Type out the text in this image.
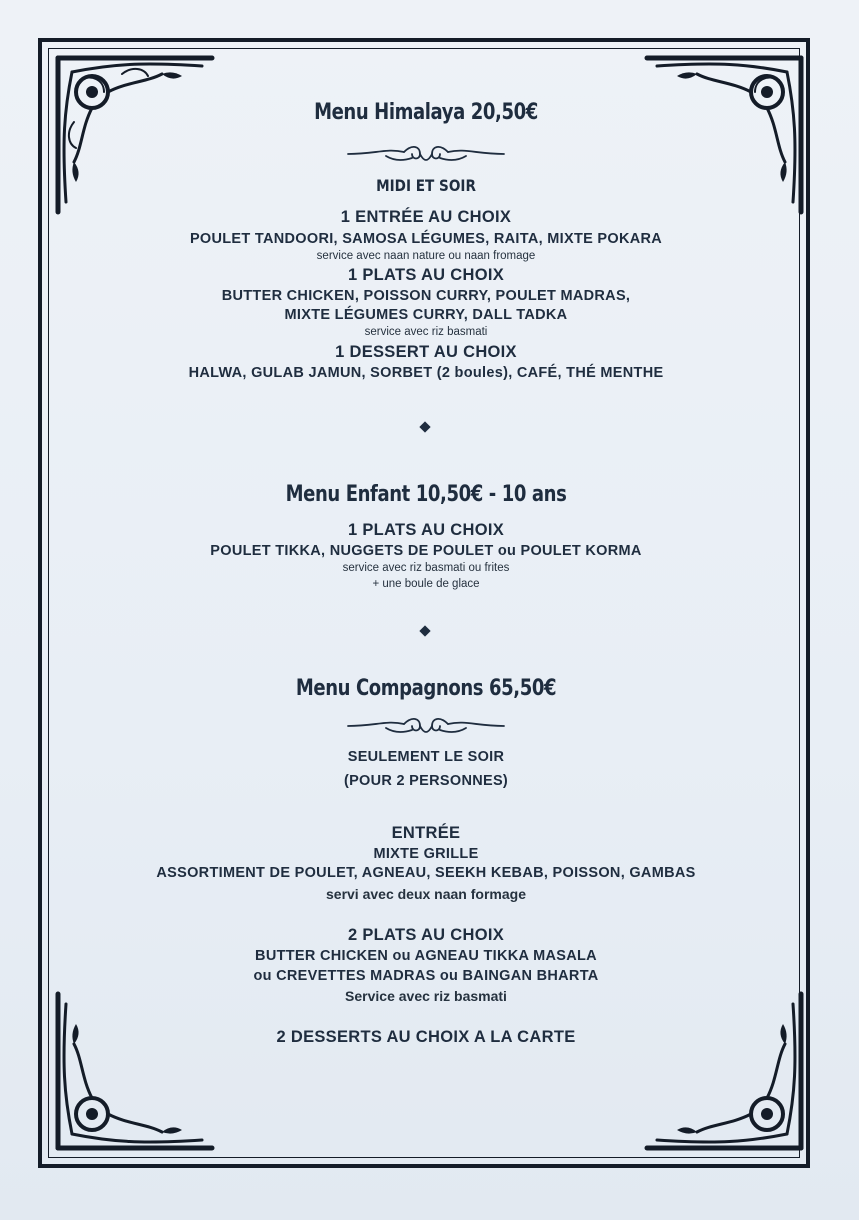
Menu Himalaya 20,50€
MIDI ET SOIR
1 ENTRÉE AU CHOIX
POULET TANDOORI, SAMOSA LÉGUMES, RAITA, MIXTE POKARA
service avec naan nature ou naan fromage
1 PLATS AU CHOIX
BUTTER CHICKEN, POISSON CURRY, POULET MADRAS,
MIXTE LÉGUMES CURRY, DALL TADKA
service avec riz basmati
1 DESSERT AU CHOIX
HALWA, GULAB JAMUN, SORBET (2 boules), CAFÉ, THÉ MENTHE
Menu Enfant 10,50€ - 10 ans
1 PLATS AU CHOIX
POULET TIKKA, NUGGETS DE POULET ou POULET KORMA
service avec riz basmati ou frites
+ une boule de glace
Menu Compagnons 65,50€
SEULEMENT LE SOIR
(POUR 2 PERSONNES)
ENTRÉE
MIXTE GRILLE
ASSORTIMENT DE POULET, AGNEAU, SEEKH KEBAB, POISSON, GAMBAS
servi avec deux naan formage
2 PLATS AU CHOIX
BUTTER CHICKEN ou AGNEAU TIKKA MASALA
ou CREVETTES MADRAS ou BAINGAN BHARTA
Service avec riz basmati
2 DESSERTS AU CHOIX A LA CARTE
